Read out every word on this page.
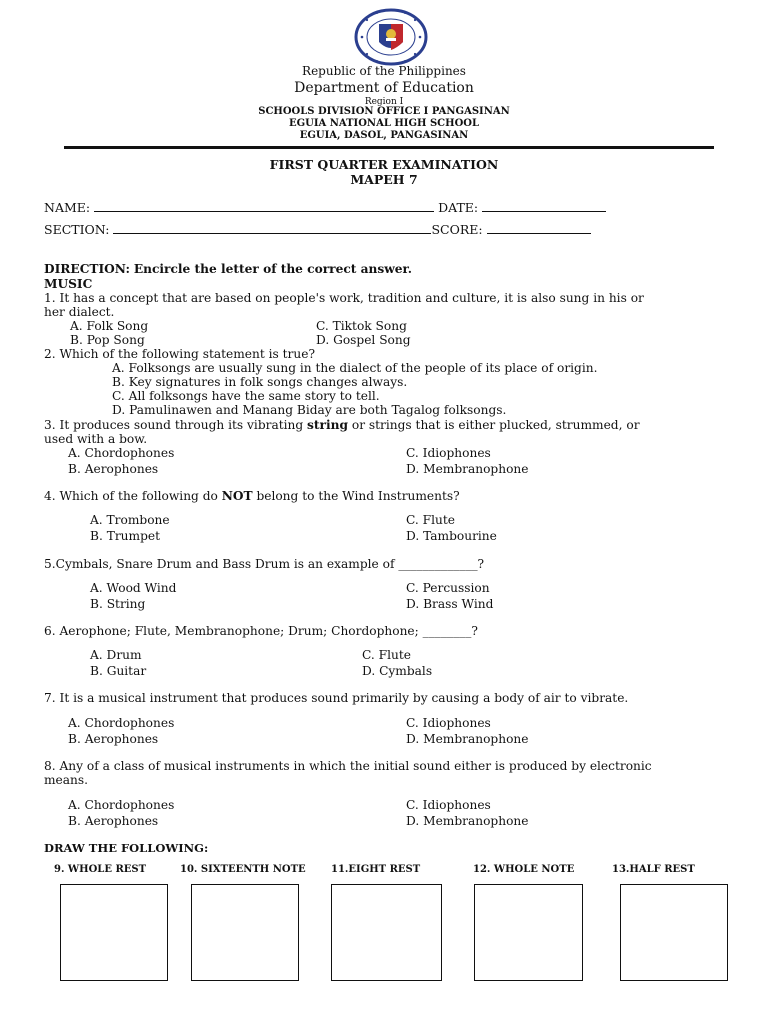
Republic of the Philippines
Department of Education
Region I
SCHOOLS DIVISION OFFICE I PANGASINAN
EGUIA NATIONAL HIGH SCHOOL
EGUIA, DASOL, PANGASINAN
FIRST QUARTER EXAMINATION
MAPEH 7
NAME:	DATE:
SECTION:	SCORE:
DIRECTION: Encircle the letter of the correct answer.
MUSIC
1. It has a concept that are based on people's work, tradition and culture, it is also sung in his or
her dialect.
A. Folk Song	C. Tiktok Song
B. Pop Song	D. Gospel Song
2. Which of the following statement is true?
A. Folksongs are usually sung in the dialect of the people of its place of origin.
B. Key signatures in folk songs changes always.
C. All folksongs have the same story to tell.
D. Pamulinawen and Manang Biday are both Tagalog folksongs.
3. It produces sound through its vibrating string or strings that is either plucked, strummed, or
used with a bow.
A. Chordophones	C. Idiophones
B. Aerophones	D. Membranophone
4. Which of the following do NOT belong to the Wind Instruments?
A. Trombone	C. Flute
B. Trumpet	D. Tambourine
5.Cymbals, Snare Drum and Bass Drum is an example of _____________?
A. Wood Wind	C. Percussion
B. String	D. Brass Wind
6. Aerophone; Flute, Membranophone; Drum; Chordophone; ________?
A. Drum	C. Flute
B. Guitar	D. Cymbals
7. It is a musical instrument that produces sound primarily by causing a body of air to vibrate.
A. Chordophones	C. Idiophones
B. Aerophones	D. Membranophone
8. Any of a class of musical instruments in which the initial sound either is produced by electronic
means.
A. Chordophones	C. Idiophones
B. Aerophones	D. Membranophone
DRAW THE FOLLOWING:
9. WHOLE REST	10. SIXTEENTH NOTE	11.EIGHT REST	12. WHOLE NOTE	13.HALF REST
